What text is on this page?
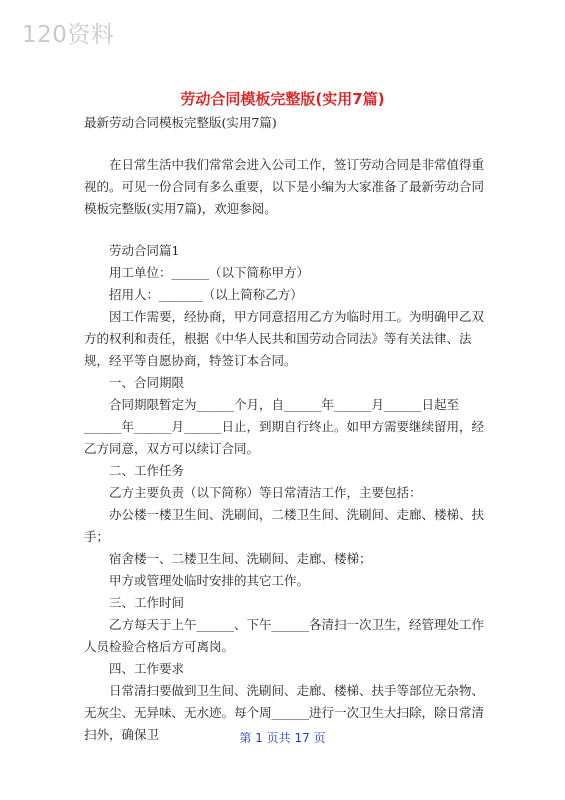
120资料
劳动合同模板完整版(实用7篇)

最新劳动合同模板完整版(实用7篇)

在日常生活中我们常常会进入公司工作，签订劳动合同是非常值得重视的。可见一份合同有多么重要，以下是小编为大家准备了最新劳动合同模板完整版(实用7篇)，欢迎参阅。

劳动合同篇1

用工单位：______（以下简称甲方）

招用人：_______（以上简称乙方）

因工作需要，经协商，甲方同意招用乙方为临时用工。为明确甲乙双方的权利和责任，根据《中华人民共和国劳动合同法》等有关法律、法规，经平等自愿协商，特签订本合同。

一、合同期限

合同期限暂定为______个月，自______年______月______日起至______年______月______日止，到期自行终止。如甲方需要继续留用，经乙方同意，双方可以续订合同。

二、工作任务

乙方主要负责（以下简称）等日常清洁工作，主要包括：

办公楼一楼卫生间、洗刷间，二楼卫生间、洗刷间、走廊、楼梯、扶手；

宿舍楼一、二楼卫生间、洗刷间、走廊、楼梯；

甲方或管理处临时安排的其它工作。

三、工作时间

乙方每天于上午______、下午______各清扫一次卫生，经管理处工作人员检验合格后方可离岗。

四、工作要求

日常清扫要做到卫生间、洗刷间、走廊、楼梯、扶手等部位无杂物、无灰尘、无异味、无水迹。每个周______进行一次卫生大扫除，除日常清扫外，确保卫	第 1 页共 17 页
